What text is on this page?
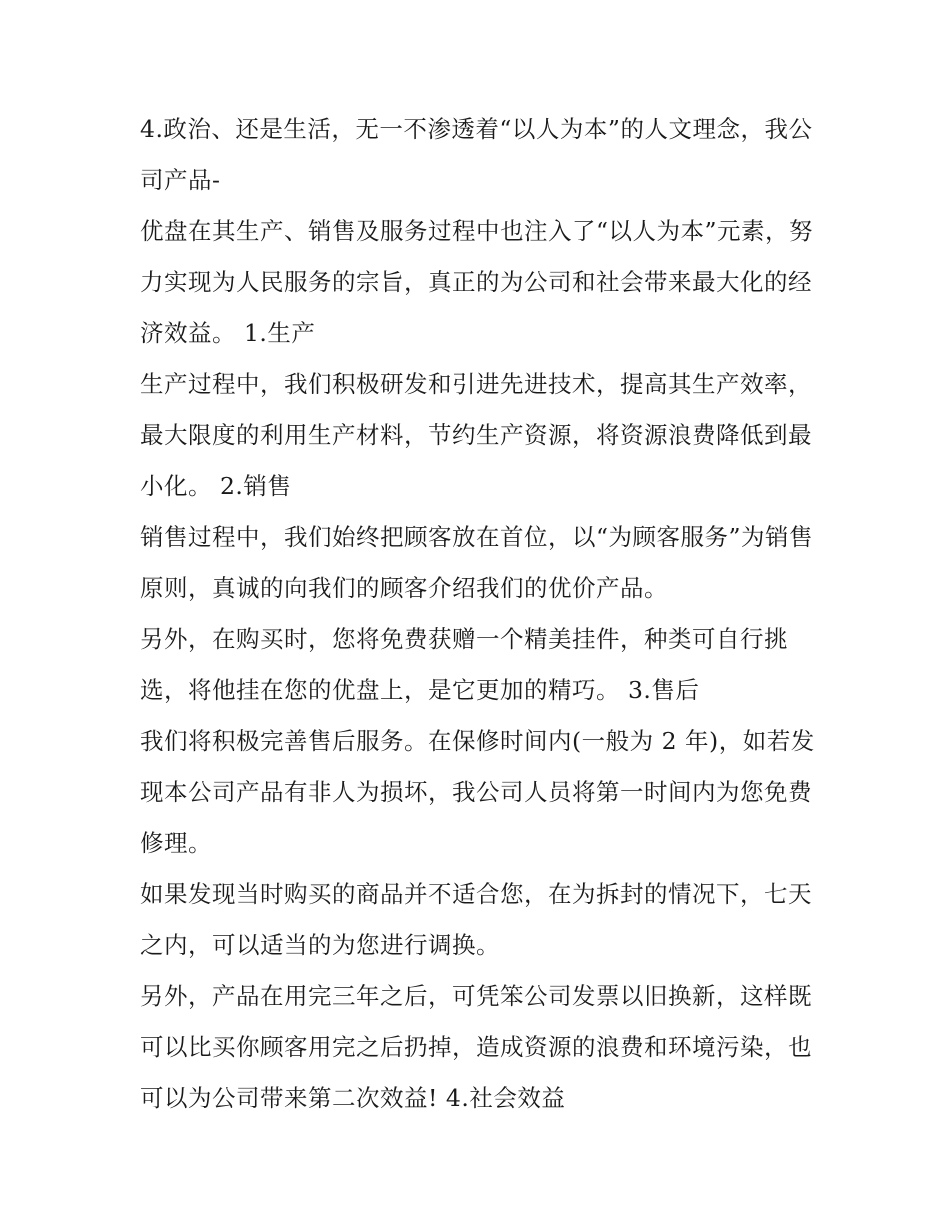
4.政治、还是生活，无一不渗透着“以人为本”的人文理念，我公司产品-

优盘在其生产、销售及服务过程中也注入了“以人为本”元素，努力实现为人民服务的宗旨，真正的为公司和社会带来最大化的经济效益。 1.生产

生产过程中，我们积极研发和引进先进技术，提高其生产效率，最大限度的利用生产材料，节约生产资源，将资源浪费降低到最小化。 2.销售

销售过程中，我们始终把顾客放在首位，以“为顾客服务”为销售原则，真诚的向我们的顾客介绍我们的优价产品。

另外，在购买时，您将免费获赠一个精美挂件，种类可自行挑选，将他挂在您的优盘上，是它更加的精巧。 3.售后

我们将积极完善售后服务。在保修时间内(一般为 2 年)，如若发现本公司产品有非人为损坏，我公司人员将第一时间内为您免费修理。

如果发现当时购买的商品并不适合您，在为拆封的情况下，七天之内，可以适当的为您进行调换。

另外，产品在用完三年之后，可凭笨公司发票以旧换新，这样既可以比买你顾客用完之后扔掉，造成资源的浪费和环境污染，也可以为公司带来第二次效益! 4.社会效益
